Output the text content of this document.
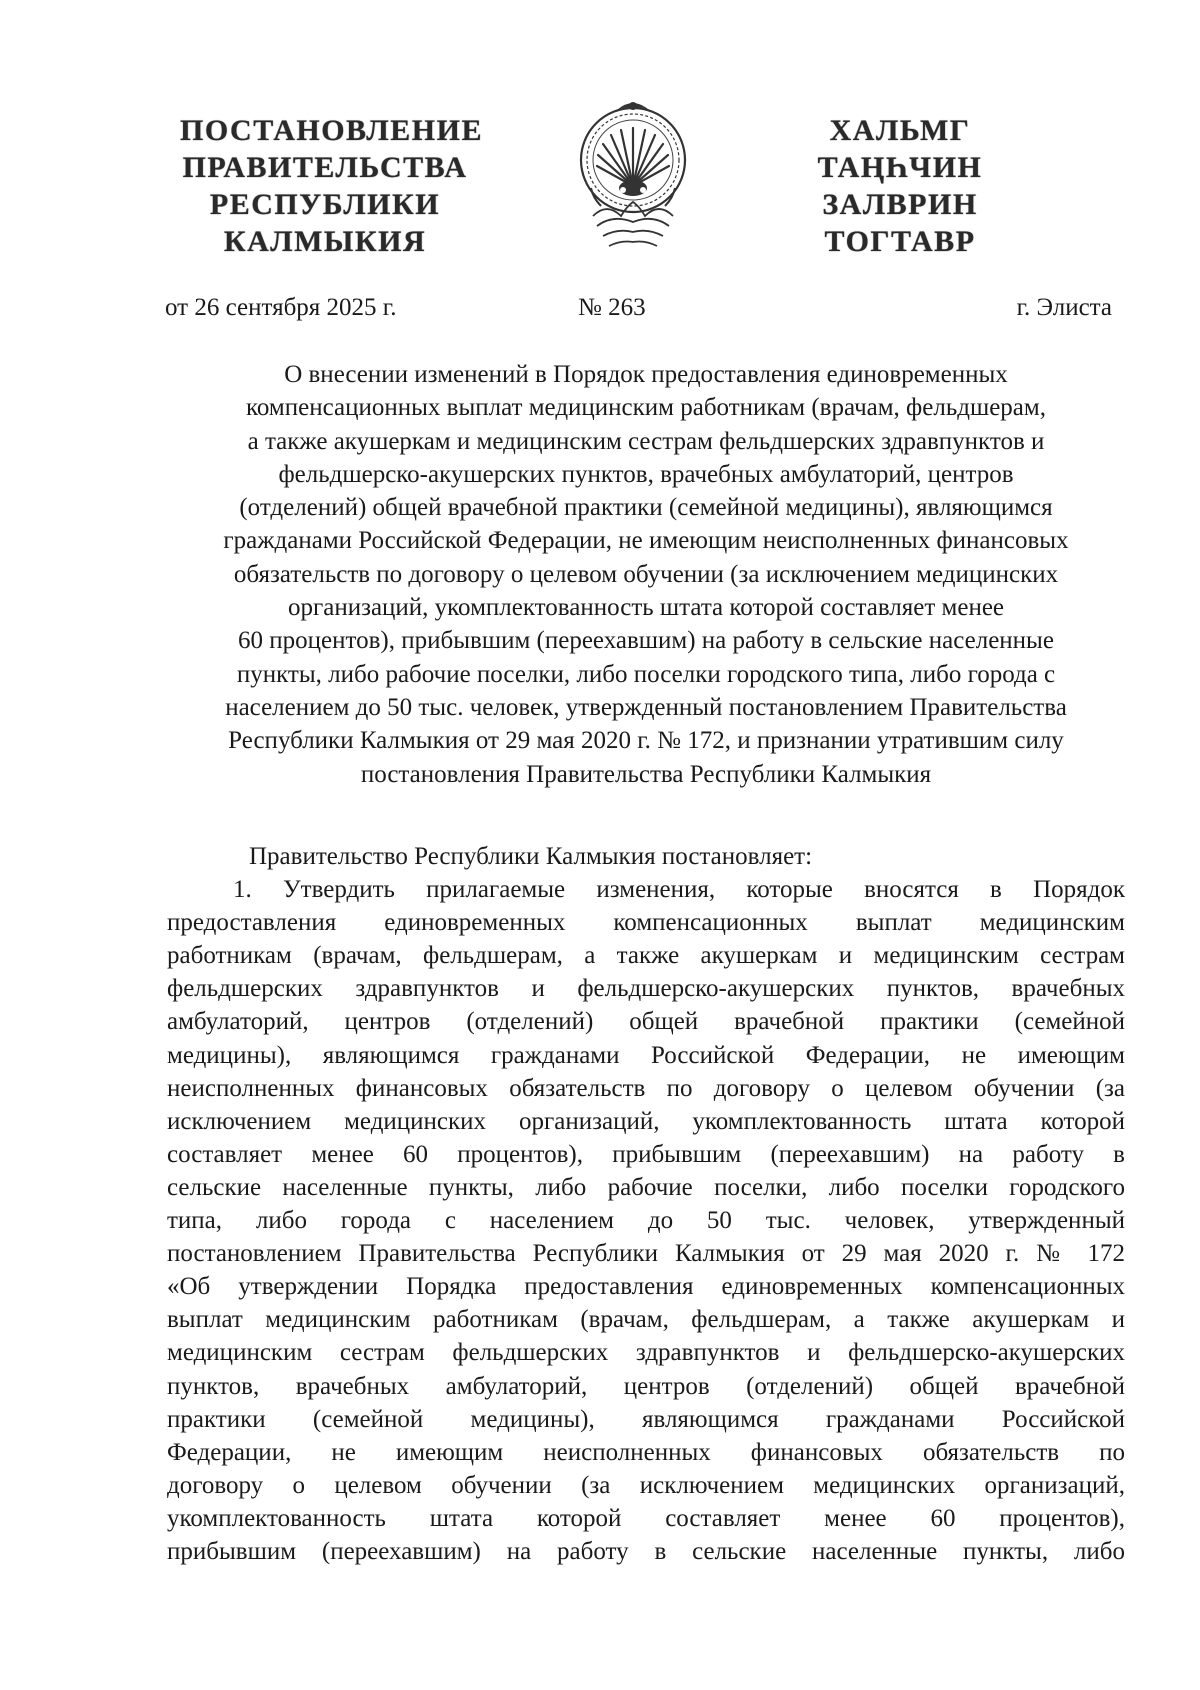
ПОСТАНОВЛЕНИЕ
ПРАВИТЕЛЬСТВА
РЕСПУБЛИКИ
КАЛМЫКИЯ
ХАЛЬМГ
ТАҢҺЧИН
ЗАЛВРИН
ТОГТАВР
от 26 сентября 2025 г.	№ 263	г. Элиста
О внесении изменений в Порядок предоставления единовременных
компенсационных выплат медицинским работникам (врачам, фельдшерам,
а также акушеркам и медицинским сестрам фельдшерских здравпунктов и
фельдшерско-акушерских пунктов, врачебных амбулаторий, центров
(отделений) общей врачебной практики (семейной медицины), являющимся
гражданами Российской Федерации, не имеющим неисполненных финансовых
обязательств по договору о целевом обучении (за исключением медицинских
организаций, укомплектованность штата которой составляет менее
60 процентов), прибывшим (переехавшим) на работу в сельские населенные
пункты, либо рабочие поселки, либо поселки городского типа, либо города с
населением до 50 тыс. человек, утвержденный постановлением Правительства
Республики Калмыкия от 29 мая 2020 г. № 172, и признании утратившим силу
постановления Правительства Республики Калмыкия
Правительство Республики Калмыкия постановляет:
1. Утвердить прилагаемые изменения, которые вносятся в Порядок
предоставления единовременных компенсационных выплат медицинским
работникам (врачам, фельдшерам, а также акушеркам и медицинским сестрам
фельдшерских здравпунктов и фельдшерско-акушерских пунктов, врачебных
амбулаторий, центров (отделений) общей врачебной практики (семейной
медицины), являющимся гражданами Российской Федерации, не имеющим
неисполненных финансовых обязательств по договору о целевом обучении (за
исключением медицинских организаций, укомплектованность штата которой
составляет менее 60 процентов), прибывшим (переехавшим) на работу в
сельские населенные пункты, либо рабочие поселки, либо поселки городского
типа, либо города с населением до 50 тыс. человек, утвержденный
постановлением Правительства Республики Калмыкия от 29 мая 2020 г. № 172
«Об утверждении Порядка предоставления единовременных компенсационных
выплат медицинским работникам (врачам, фельдшерам, а также акушеркам и
медицинским сестрам фельдшерских здравпунктов и фельдшерско-акушерских
пунктов, врачебных амбулаторий, центров (отделений) общей врачебной
практики (семейной медицины), являющимся гражданами Российской
Федерации, не имеющим неисполненных финансовых обязательств по
договору о целевом обучении (за исключением медицинских организаций,
укомплектованность штата которой составляет менее 60 процентов),
прибывшим (переехавшим) на работу в сельские населенные пункты, либо
